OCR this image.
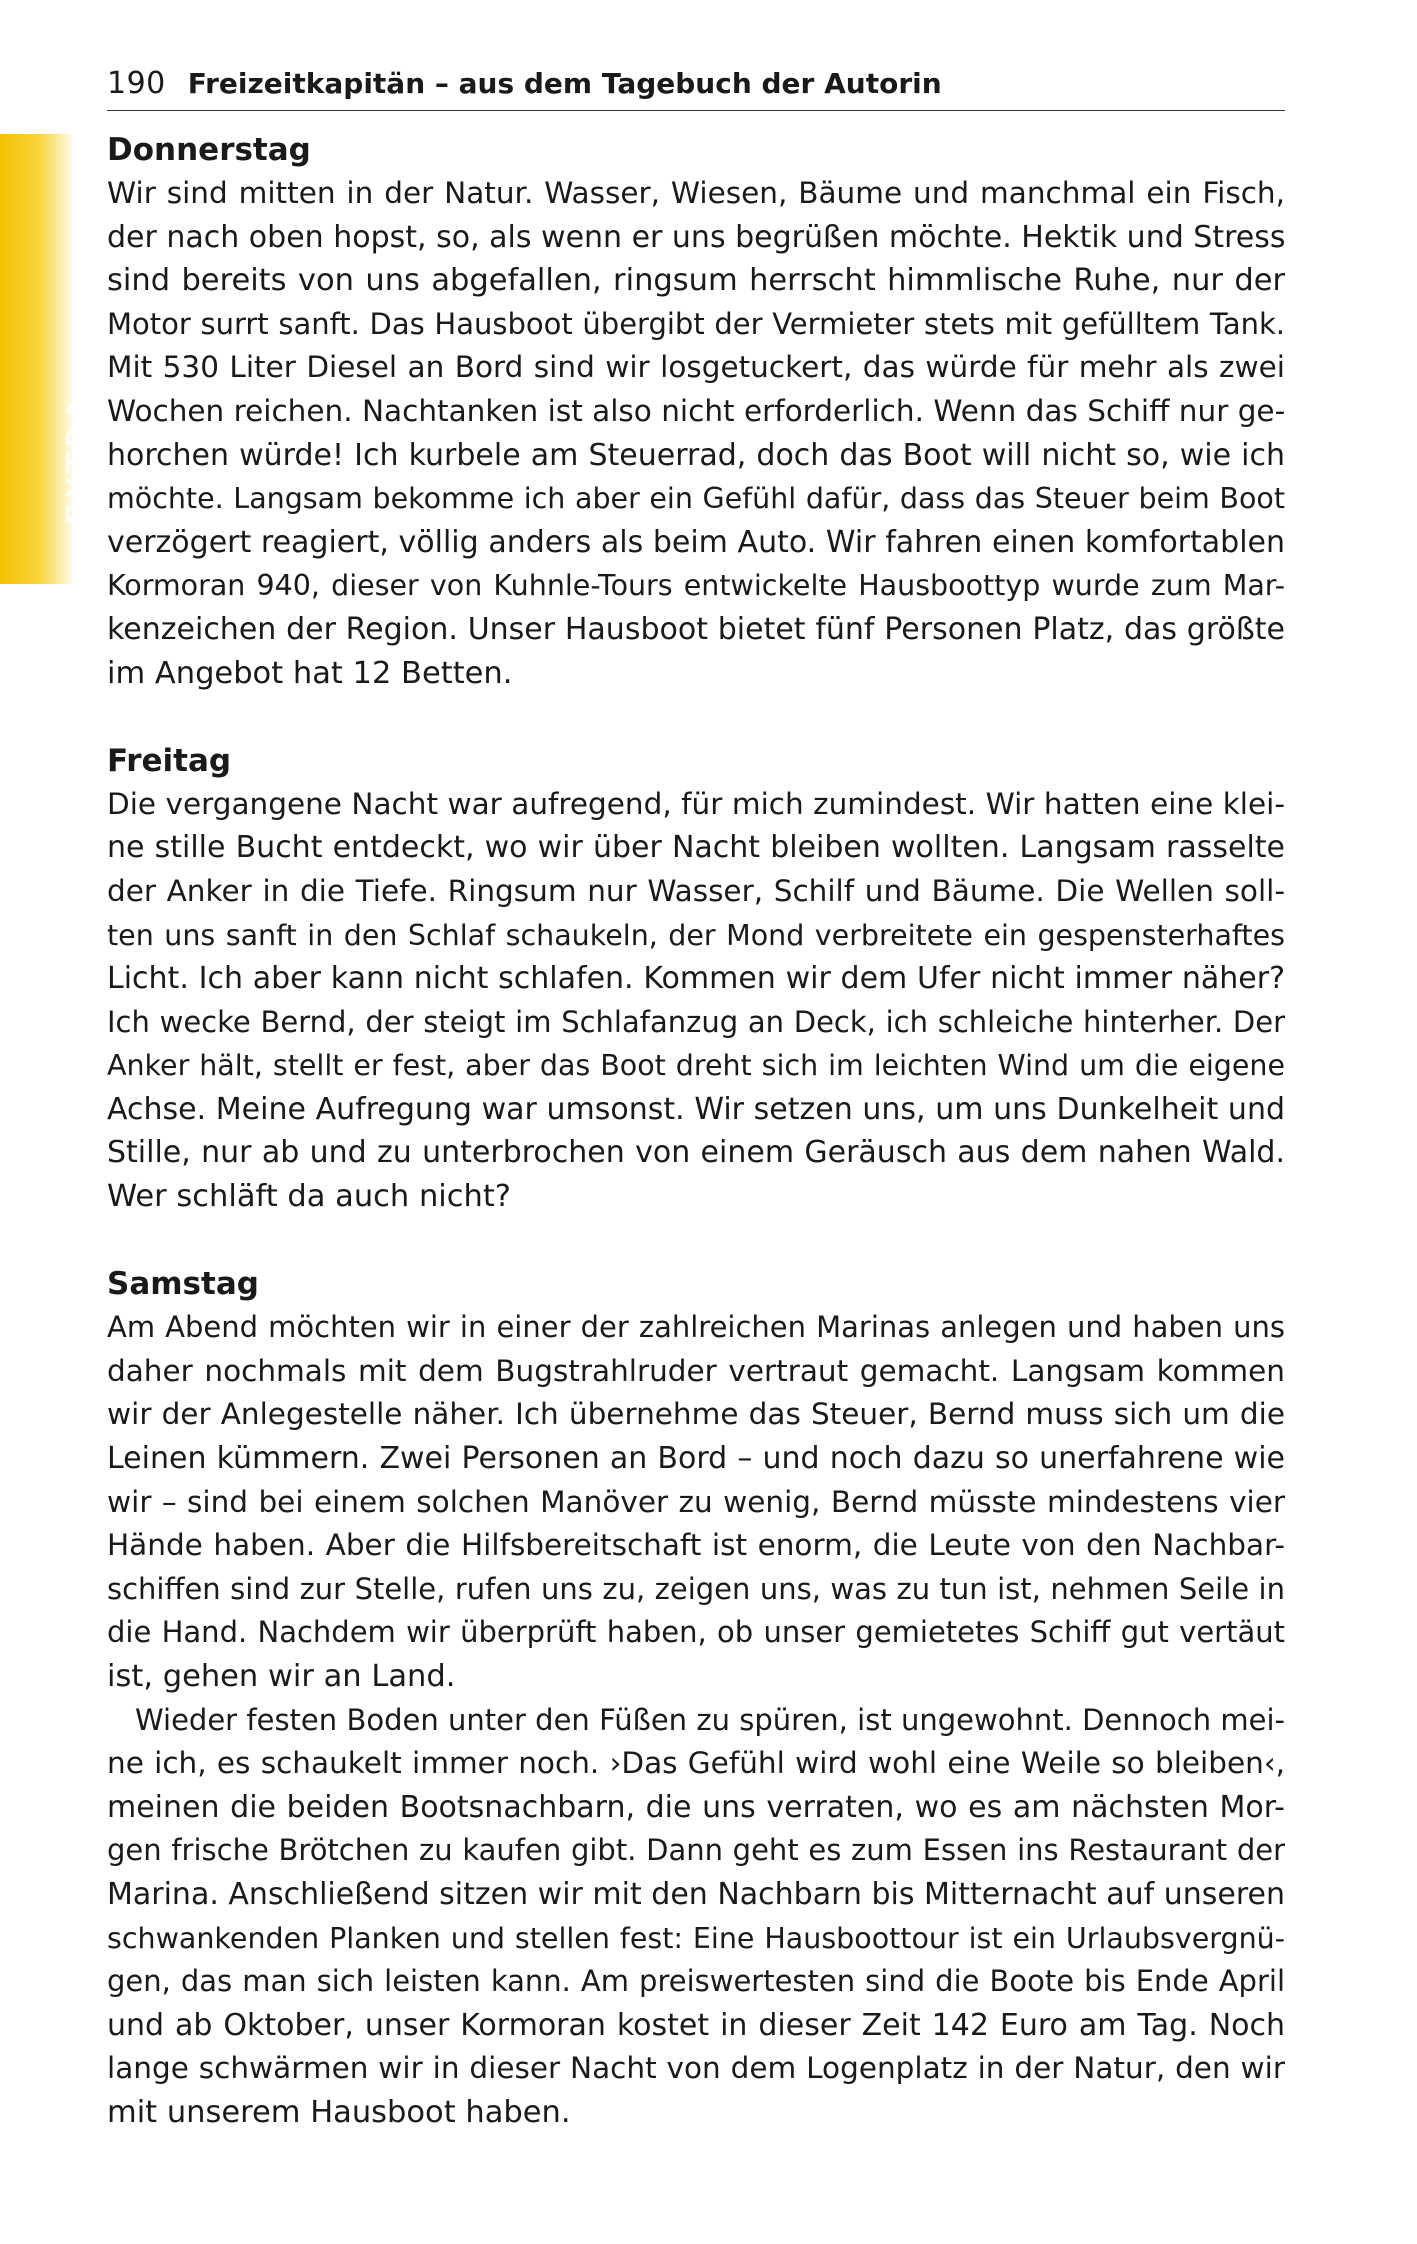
190 Freizeitkapitän – aus dem Tagebuch der Autorin
EXTRA
Donnerstag
Wir sind mitten in der Natur. Wasser, Wiesen, Bäume und manchmal ein Fisch,
der nach oben hopst, so, als wenn er uns begrüßen möchte. Hektik und Stress
sind bereits von uns abgefallen, ringsum herrscht himmlische Ruhe, nur der
Motor surrt sanft. Das Hausboot übergibt der Vermieter stets mit gefülltem Tank.
Mit 530 Liter Diesel an Bord sind wir losgetuckert, das würde für mehr als zwei
Wochen reichen. Nachtanken ist also nicht erforderlich. Wenn das Schiff nur ge-
horchen würde! Ich kurbele am Steuerrad, doch das Boot will nicht so, wie ich
möchte. Langsam bekomme ich aber ein Gefühl dafür, dass das Steuer beim Boot
verzögert reagiert, völlig anders als beim Auto. Wir fahren einen komfortablen
Kormoran 940, dieser von Kuhnle-Tours entwickelte Hausboottyp wurde zum Mar-
kenzeichen der Region. Unser Hausboot bietet fünf Personen Platz, das größte
im Angebot hat 12 Betten.
Freitag
Die vergangene Nacht war aufregend, für mich zumindest. Wir hatten eine klei-
ne stille Bucht entdeckt, wo wir über Nacht bleiben wollten. Langsam rasselte
der Anker in die Tiefe. Ringsum nur Wasser, Schilf und Bäume. Die Wellen soll-
ten uns sanft in den Schlaf schaukeln, der Mond verbreitete ein gespensterhaftes
Licht. Ich aber kann nicht schlafen. Kommen wir dem Ufer nicht immer näher?
Ich wecke Bernd, der steigt im Schlafanzug an Deck, ich schleiche hinterher. Der
Anker hält, stellt er fest, aber das Boot dreht sich im leichten Wind um die eigene
Achse. Meine Aufregung war umsonst. Wir setzen uns, um uns Dunkelheit und
Stille, nur ab und zu unterbrochen von einem Geräusch aus dem nahen Wald.
Wer schläft da auch nicht?
Samstag
Am Abend möchten wir in einer der zahlreichen Marinas anlegen und haben uns
daher nochmals mit dem Bugstrahlruder vertraut gemacht. Langsam kommen
wir der Anlegestelle näher. Ich übernehme das Steuer, Bernd muss sich um die
Leinen kümmern. Zwei Personen an Bord – und noch dazu so unerfahrene wie
wir – sind bei einem solchen Manöver zu wenig, Bernd müsste mindestens vier
Hände haben. Aber die Hilfsbereitschaft ist enorm, die Leute von den Nachbar-
schiffen sind zur Stelle, rufen uns zu, zeigen uns, was zu tun ist, nehmen Seile in
die Hand. Nachdem wir überprüft haben, ob unser gemietetes Schiff gut vertäut
ist, gehen wir an Land.
Wieder festen Boden unter den Füßen zu spüren, ist ungewohnt. Dennoch mei-
ne ich, es schaukelt immer noch. ›Das Gefühl wird wohl eine Weile so bleiben‹,
meinen die beiden Bootsnachbarn, die uns verraten, wo es am nächsten Mor-
gen frische Brötchen zu kaufen gibt. Dann geht es zum Essen ins Restaurant der
Marina. Anschließend sitzen wir mit den Nachbarn bis Mitternacht auf unseren
schwankenden Planken und stellen fest: Eine Hausboottour ist ein Urlaubsvergnü-
gen, das man sich leisten kann. Am preiswertesten sind die Boote bis Ende April
und ab Oktober, unser Kormoran kostet in dieser Zeit 142 Euro am Tag. Noch
lange schwärmen wir in dieser Nacht von dem Logenplatz in der Natur, den wir
mit unserem Hausboot haben.
